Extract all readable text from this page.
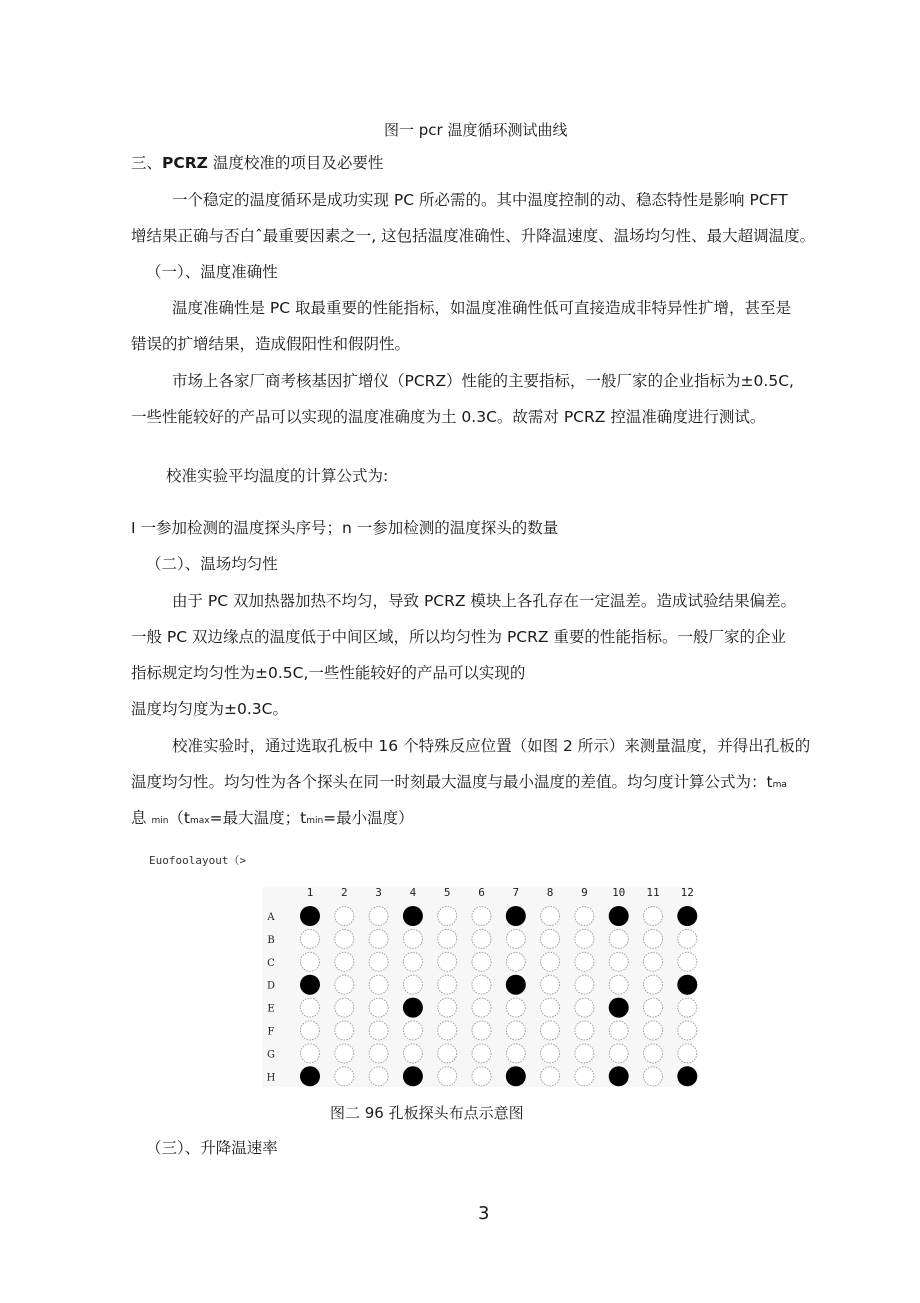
图一 pcr 温度循环测试曲线
三、PCRZ 温度校准的项目及必要性
一个稳定的温度循环是成功实现 PC 所必需的。其中温度控制的动、稳态特性是影响 PCFT
增结果正确与否白ˆ最重要因素之一, 这包括温度准确性、升降温速度、温场均匀性、最大超调温度。
（一）、温度准确性
温度准确性是 PC 取最重要的性能指标，如温度准确性低可直接造成非特异性扩增，甚至是
错误的扩增结果，造成假阳性和假阴性。
市场上各家厂商考核基因扩增仪（PCRZ）性能的主要指标，一般厂家的企业指标为±0.5C,
一些性能较好的产品可以实现的温度准确度为土 0.3C。故需对 PCRZ 控温准确度进行测试。
校准实验平均温度的计算公式为:
I 一参加检测的温度探头序号；n 一参加检测的温度探头的数量
（二）、温场均匀性
由于 PC 双加热器加热不均匀，导致 PCRZ 模块上各孔存在一定温差。造成试验结果偏差。
一般 PC 双边缘点的温度低于中间区域，所以均匀性为 PCRZ 重要的性能指标。一般厂家的企业
指标规定均匀性为±0.5C,一些性能较好的产品可以实现的
温度均匀度为±0.3C。
校准实验时，通过选取孔板中 16 个特殊反应位置（如图 2 所示）来测量温度，并得出孔板的
温度均匀性。均匀性为各个探头在同一时刻最大温度与最小温度的差值。均匀度计算公式为：tma
息 min（tmax=最大温度；tmin=最小温度）
Euofoolayout（>
1	2	3	4	5	6	7	8	9 10 11 12
A
B
C
D
E
F
G
H
图二 96 孔板探头布点示意图
（三）、升降温速率
3
